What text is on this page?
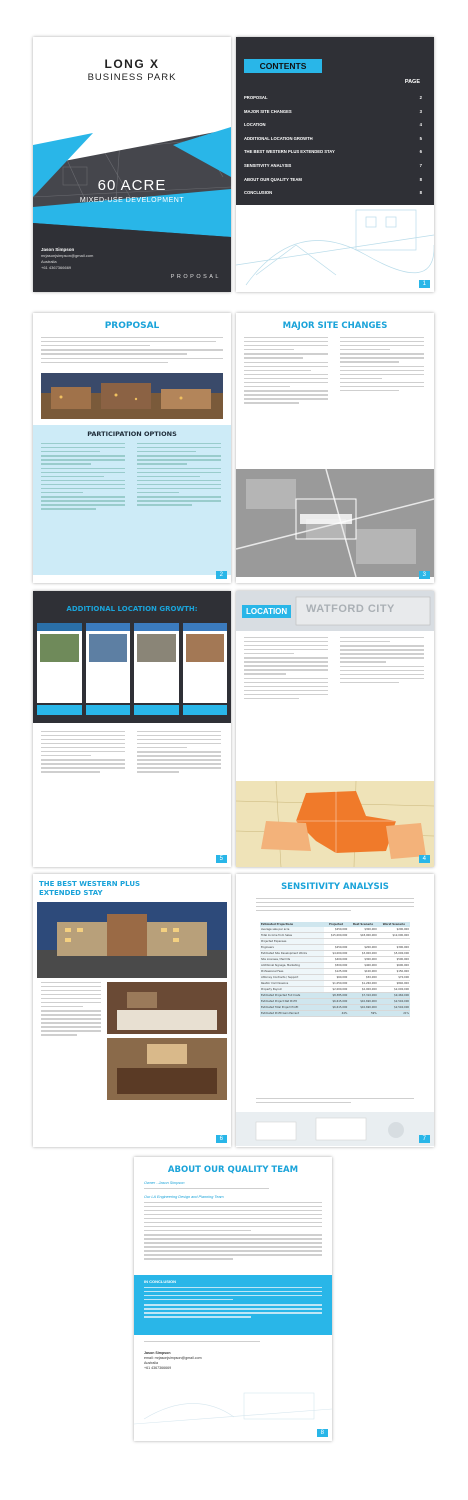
LONG X
BUSINESS PARK
60 ACRE
MIXED-USE DEVELOPMENT
Jason Simpson
mrjasonjsimpson@gmail.com
Australia
+61 4367366669
PROPOSAL
CONTENTS
PAGE
PROPOSAL	2
MAJOR SITE CHANGES	3
LOCATION	4
ADDITIONAL LOCATION GROWTH	5
THE BEST WESTERN PLUS EXTENDED STAY	6
SENSITIVITY ANALYSIS	7
ABOUT OUR QUALITY TEAM	8
CONCLUSION	8
1
PROPOSAL
PARTICIPATION OPTIONS
2
MAJOR SITE CHANGES
3
ADDITIONAL LOCATION GROWTH:
5
WATFORD CITY
LOCATION
4
THE BEST WESTERN PLUS
EXTENDED STAY
6
SENSITIVITY ANALYSIS
Estimated Projections	Projected	Best Scenario	Worst Scenario
Average sale per acre	$250,000	$300,000	$200,000
Total Income from Sales	$15,000,000	$18,000,000	$12,000,000
Projected Expenses			
Engineers	$250,000	$200,000	$300,000
Estimated Site Development Works	$4,000,000	$3,000,000	$5,000,000
Site Licenses / Permits	$400,000	$300,000	$500,000
Additional Signage, Marketing	$500,000	$400,000	$600,000
Professional Fees	$125,000	$100,000	$150,000
Attorney Contracts / Support	$60,000	$50,000	$70,000
Realtor Commissions	$1,050,000	$1,260,000	$840,000
Property Payout	$2,000,000	$2,000,000	$2,000,000
Estimated Projected Full Costs	$8,385,000	$7,310,000	$9,460,000
Estimated Project Net Profit	$6,615,000	$10,690,000	$2,540,000
Estimated Total Project Profit	$6,615,000	$10,690,000	$2,540,000
Estimated Profit Gain Percent	44%	59%	21%
7
ABOUT OUR QUALITY TEAM
Owner - Jason Simpson
Our LA Engineering Design and Planning Team
IN CONCLUSION
Jason Simpson
email: mrjasonjsimpson@gmail.com
Australia
+61 4367366669
8
